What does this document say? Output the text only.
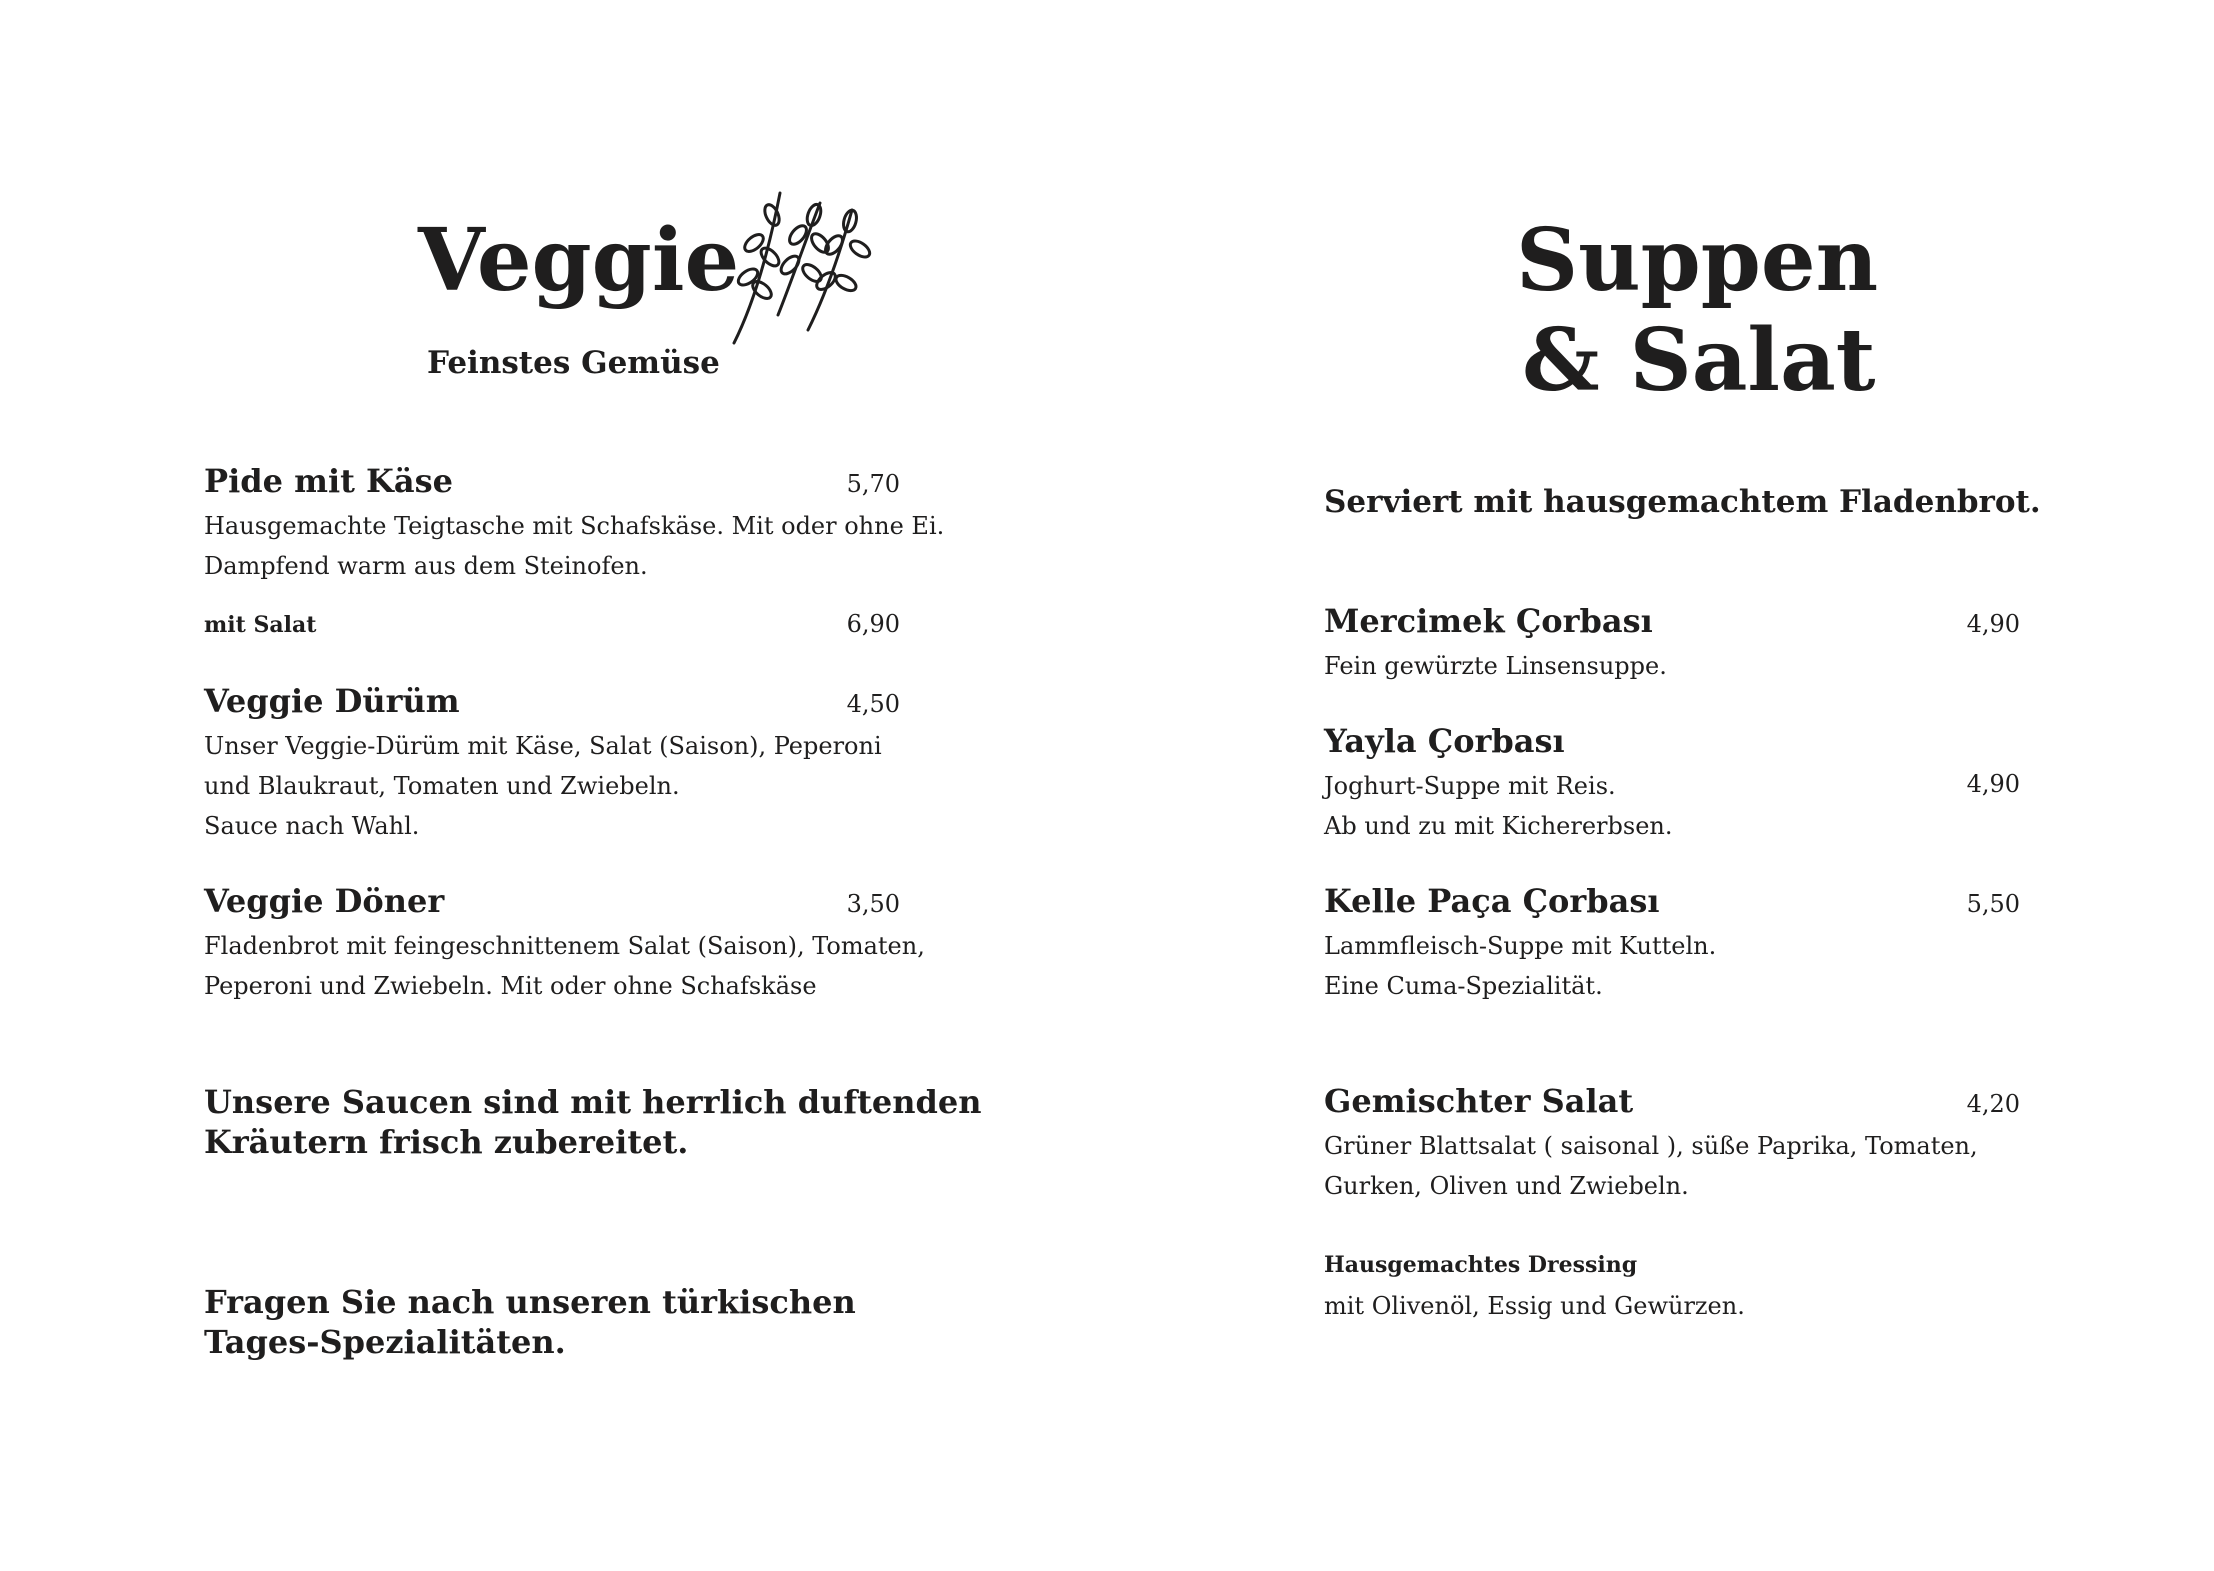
Veggie
Feinstes Gemüse
Pide mit Käse	5,70
Hausgemachte Teigtasche mit Schafskäse. Mit oder ohne Ei.
Dampfend warm aus dem Steinofen.
mit Salat	6,90
Veggie Dürüm	4,50
Unser Veggie-Dürüm mit Käse, Salat (Saison), Peperoni
und Blaukraut, Tomaten und Zwiebeln.
Sauce nach Wahl.
Veggie Döner	3,50
Fladenbrot mit feingeschnittenem Salat (Saison), Tomaten,
Peperoni und Zwiebeln. Mit oder ohne Schafskäse
Unsere Saucen sind mit herrlich duftenden
Kräutern frisch zubereitet.
Fragen Sie nach unseren türkischen
Tages-Spezialitäten.
Suppen
& Salat
Serviert mit hausgemachtem Fladenbrot.
Mercimek Çorbası	4,90
Fein gewürzte Linsensuppe.
Yayla Çorbası
Joghurt-Suppe mit Reis.	4,90
Ab und zu mit Kichererbsen.
Kelle Paça Çorbası	5,50
Lammfleisch-Suppe mit Kutteln.
Eine Cuma-Spezialität.
Gemischter Salat	4,20
Grüner Blattsalat ( saisonal ), süße Paprika, Tomaten,
Gurken, Oliven und Zwiebeln.
Hausgemachtes Dressing
mit Olivenöl, Essig und Gewürzen.
